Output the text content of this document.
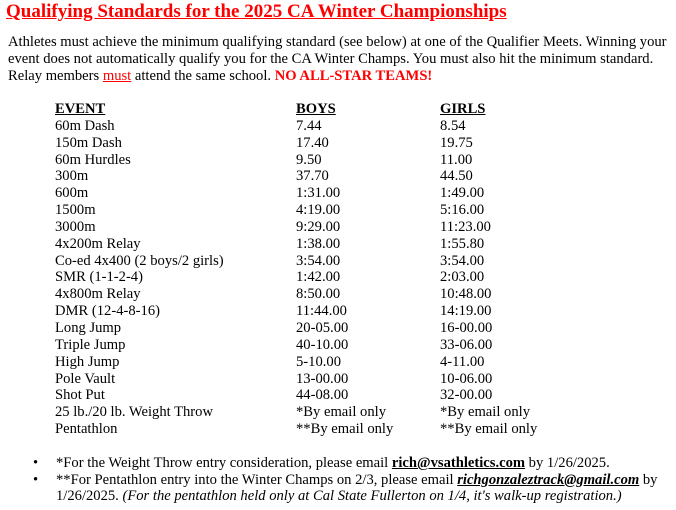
Qualifying Standards for the 2025 CA Winter Championships
Athletes must achieve the minimum qualifying standard (see below) at one of the Qualifier Meets. Winning your event does not automatically qualify you for the CA Winter Champs. You must also hit the minimum standard. Relay members must attend the same school. NO ALL-STAR TEAMS!
EVENT	BOYS	GIRLS
60m Dash	7.44	8.54
150m Dash	17.40	19.75
60m Hurdles	9.50	11.00
300m	37.70	44.50
600m	1:31.00	1:49.00
1500m	4:19.00	5:16.00
3000m	9:29.00	11:23.00
4x200m Relay	1:38.00	1:55.80
Co-ed 4x400 (2 boys/2 girls)	3:54.00	3:54.00
SMR (1-1-2-4)	1:42.00	2:03.00
4x800m Relay	8:50.00	10:48.00
DMR (12-4-8-16)	11:44.00	14:19.00
Long Jump	20-05.00	16-00.00
Triple Jump	40-10.00	33-06.00
High Jump	5-10.00	4-11.00
Pole Vault	13-00.00	10-06.00
Shot Put	44-08.00	32-00.00
25 lb./20 lb. Weight Throw	*By email only	*By email only
Pentathlon	**By email only	**By email only
• *For the Weight Throw entry consideration, please email rich@vsathletics.com by 1/26/2025.
• **For Pentathlon entry into the Winter Champs on 2/3, please email richgonzaleztrack@gmail.com by 1/26/2025. (For the pentathlon held only at Cal State Fullerton on 1/4, it's walk-up registration.)
